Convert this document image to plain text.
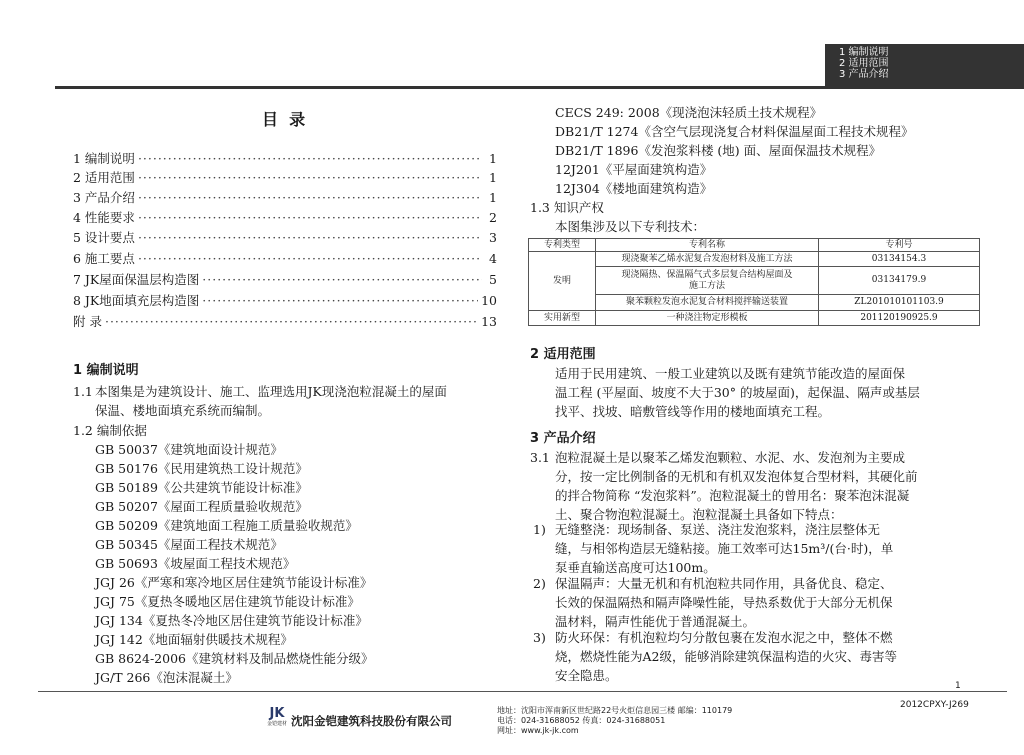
1 编制说明
2 适用范围
3 产品介绍
目  录
1 编制说明 ·····	1
2 适用范围 ·····	1
3 产品介绍 ·····	1
4 性能要求 ·····	2
5 设计要点 ·····	3
6 施工要点 ·····	4
7 JK屋面保温层构造图 ·····	5
8 JK地面填充层构造图 ·····	10
附 录 ·····	13
1 编制说明
1.1 本图集是为建筑设计、施工、监理选用JK现浇泡粒混凝土的屋面
保温、楼地面填充系统而编制。
1.2 编制依据
GB 50037《建筑地面设计规范》
GB 50176《民用建筑热工设计规范》
GB 50189《公共建筑节能设计标准》
GB 50207《屋面工程质量验收规范》
GB 50209《建筑地面工程施工质量验收规范》
GB 50345《屋面工程技术规范》
GB 50693《坡屋面工程技术规范》
JGJ 26《严寒和寒冷地区居住建筑节能设计标准》
JGJ 75《夏热冬暖地区居住建筑节能设计标准》
JGJ 134《夏热冬冷地区居住建筑节能设计标准》
JGJ 142《地面辐射供暖技术规程》
GB 8624-2006《建筑材料及制品燃烧性能分级》
JG/T 266《泡沫混凝土》
CECS 249: 2008《现浇泡沫轻质土技术规程》
DB21/T 1274《含空气层现浇复合材料保温屋面工程技术规程》
DB21/T 1896《发泡浆料楼 (地) 面、屋面保温技术规程》
12J201《平屋面建筑构造》
12J304《楼地面建筑构造》
1.3 知识产权
本图集涉及以下专利技术：
专利类型	专利名称	专利号
发明	现浇聚苯乙烯水泥复合发泡材料及施工方法	03134154.3

	现浇隔热、保温隔气式多层复合结构屋面及
施工方法	03134179.9
	聚苯颗粒发泡水泥复合材料搅拌输送装置	ZL201010101103.9
实用新型	一种浇注物定形模板	201120190925.9
2 适用范围
适用于民用建筑、一般工业建筑以及既有建筑节能改造的屋面保
温工程 (平屋面、坡度不大于30° 的坡屋面)，起保温、隔声或基层
找平、找坡、暗敷管线等作用的楼地面填充工程。
3 产品介绍
3.1 泡粒混凝土是以聚苯乙烯发泡颗粒、水泥、水、发泡剂为主要成
分，按一定比例制备的无机和有机双发泡体复合型材料，其硬化前
的拌合物简称 “发泡浆料”。泡粒混凝土的曾用名：聚苯泡沫混凝
土、聚合物泡粒混凝土。泡粒混凝土具备如下特点：
1) 无缝整浇：现场制备、泵送、浇注发泡浆料，浇注层整体无
缝，与相邻构造层无缝粘接。施工效率可达15m³/(台·时)，单
泵垂直输送高度可达100m。
2) 保温隔声：大量无机和有机泡粒共同作用，具备优良、稳定、
长效的保温隔热和隔声降噪性能，导热系数优于大部分无机保
温材料，隔声性能优于普通混凝土。
3) 防火环保：有机泡粒均匀分散包裹在发泡水泥之中，整体不燃
烧，燃烧性能为A2级，能够消除建筑保温构造的火灾、毒害等
安全隐患。
1
2012CPXY-J269
JK
金铠建材 沈阳金铠建筑科技股份有限公司
地址：沈阳市浑南新区世纪路22号火炬信息园三楼 邮编：110179
电话：024-31688052 传真：024-31688051
网址：www.jk-jk.com
